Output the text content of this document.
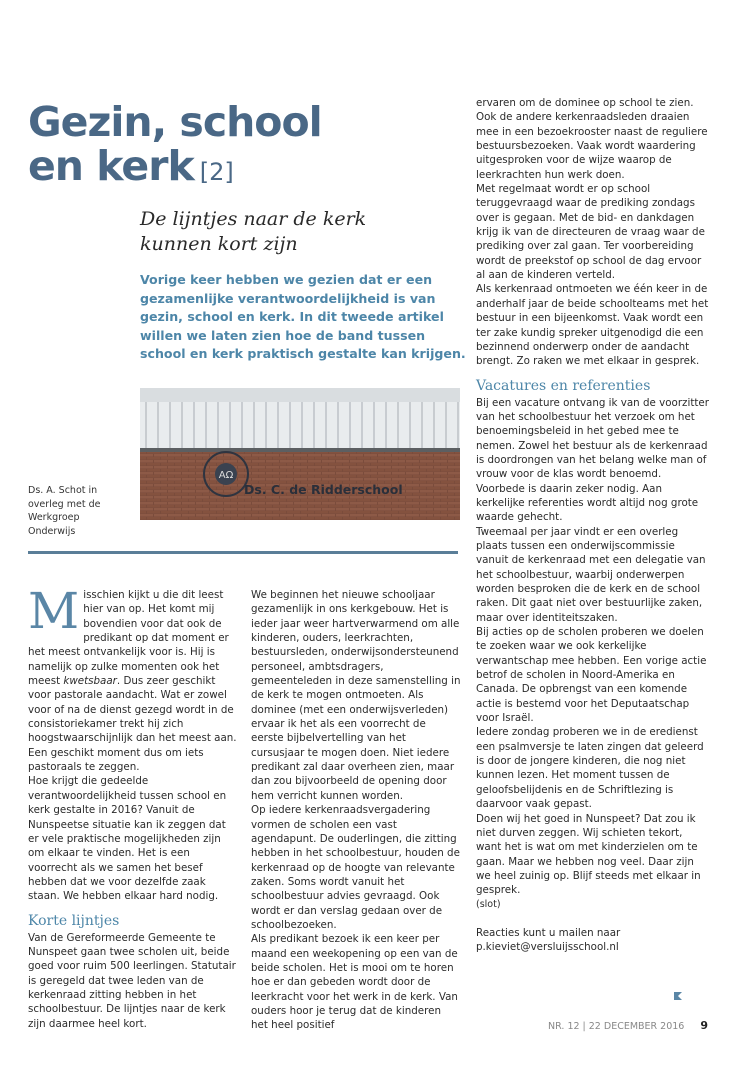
Gezin, school
en kerk [2]
De lijntjes naar de kerk kunnen kort zijn
Vorige keer hebben we gezien dat er een gezamenlijke verantwoordelijkheid is van gezin, school en kerk. In dit tweede artikel willen we laten zien hoe de band tussen school en kerk praktisch gestalte kan krijgen.
AΩ
Ds. C. de Ridderschool
Ds. A. Schot in overleg met de Werkgroep Onderwijs

Misschien kijkt u die dit leest hier van op. Het komt mij bovendien voor dat ook de predikant op dat moment er het meest ontvankelijk voor is. Hij is namelijk op zulke momenten ook het meest kwetsbaar. Dus zeer geschikt voor pastorale aandacht. Wat er zowel voor of na de dienst gezegd wordt in de consistoriekamer trekt hij zich hoogstwaarschijnlijk dan het meest aan. Een geschikt moment dus om iets pastoraals te zeggen.

Hoe krijgt die gedeelde verantwoordelijkheid tussen school en kerk gestalte in 2016? Vanuit de Nunspeetse situatie kan ik zeggen dat er vele praktische mogelijkheden zijn om elkaar te vinden. Het is een voorrecht als we samen het besef hebben dat we voor dezelfde zaak staan. We hebben elkaar hard nodig.

Korte lijntjes

Van de Gereformeerde Gemeente te Nunspeet gaan twee scholen uit, beide goed voor ruim 500 leerlingen. Statutair is geregeld dat twee leden van de kerkenraad zitting hebben in het schoolbestuur. De lijntjes naar de kerk zijn daarmee heel kort.

We beginnen het nieuwe schooljaar gezamenlijk in ons kerkgebouw. Het is ieder jaar weer hartverwarmend om alle kinderen, ouders, leerkrachten, bestuursleden, onderwijsondersteunend personeel, ambtsdragers, gemeenteleden in deze samenstelling in de kerk te mogen ontmoeten. Als dominee (met een onderwijsverleden) ervaar ik het als een voorrecht de eerste bijbelvertelling van het cursusjaar te mogen doen. Niet iedere predikant zal daar overheen zien, maar dan zou bijvoorbeeld de opening door hem verricht kunnen worden.

Op iedere kerkenraadsvergadering vormen de scholen een vast agendapunt. De ouderlingen, die zitting hebben in het schoolbestuur, houden de kerkenraad op de hoogte van relevante zaken. Soms wordt vanuit het schoolbestuur advies gevraagd. Ook wordt er dan verslag gedaan over de schoolbezoeken.

Als predikant bezoek ik een keer per maand een weekopening op een van de beide scholen. Het is mooi om te horen hoe er dan gebeden wordt door de leerkracht voor het werk in de kerk. Van ouders hoor je terug dat de kinderen het heel positief

ervaren om de dominee op school te zien. Ook de andere kerkenraadsleden draaien mee in een bezoekrooster naast de reguliere bestuursbezoeken. Vaak wordt waardering uitgesproken voor de wijze waarop de leerkrachten hun werk doen.

Met regelmaat wordt er op school teruggevraagd waar de prediking zondags over is gegaan. Met de bid- en dankdagen krijg ik van de directeuren de vraag waar de prediking over zal gaan. Ter voorbereiding wordt de preekstof op school de dag ervoor al aan de kinderen verteld.

Als kerkenraad ontmoeten we één keer in de anderhalf jaar de beide schoolteams met het bestuur in een bijeenkomst. Vaak wordt een ter zake kundig spreker uitgenodigd die een bezinnend onderwerp onder de aandacht brengt. Zo raken we met elkaar in gesprek.

Vacatures en referenties

Bij een vacature ontvang ik van de voorzitter van het schoolbestuur het verzoek om het benoemingsbeleid in het gebed mee te nemen. Zowel het bestuur als de kerkenraad is doordrongen van het belang welke man of vrouw voor de klas wordt benoemd. Voorbede is daarin zeker nodig. Aan kerkelijke referenties wordt altijd nog grote waarde gehecht.

Tweemaal per jaar vindt er een overleg plaats tussen een onderwijscommissie vanuit de kerkenraad met een delegatie van het schoolbestuur, waarbij onderwerpen worden besproken die de kerk en de school raken. Dit gaat niet over bestuurlijke zaken, maar over identiteitszaken.

Bij acties op de scholen proberen we doelen te zoeken waar we ook kerkelijke verwantschap mee hebben. Een vorige actie betrof de scholen in Noord-Amerika en Canada. De opbrengst van een komende actie is bestemd voor het Deputaatschap voor Israël.

Iedere zondag proberen we in de eredienst een psalmversje te laten zingen dat geleerd is door de jongere kinderen, die nog niet kunnen lezen. Het moment tussen de geloofsbelijdenis en de Schriftlezing is daarvoor vaak gepast.

Doen wij het goed in Nunspeet? Dat zou ik niet durven zeggen. Wij schieten tekort, want het is wat om met kinderzielen om te gaan. Maar we hebben nog veel. Daar zijn we heel zuinig op. Blijf steeds met elkaar in gesprek.

(slot)

Reacties kunt u mailen naar

p.kieviet@versluijsschool.nl

NR. 12 | 22 DECEMBER 2016 9
